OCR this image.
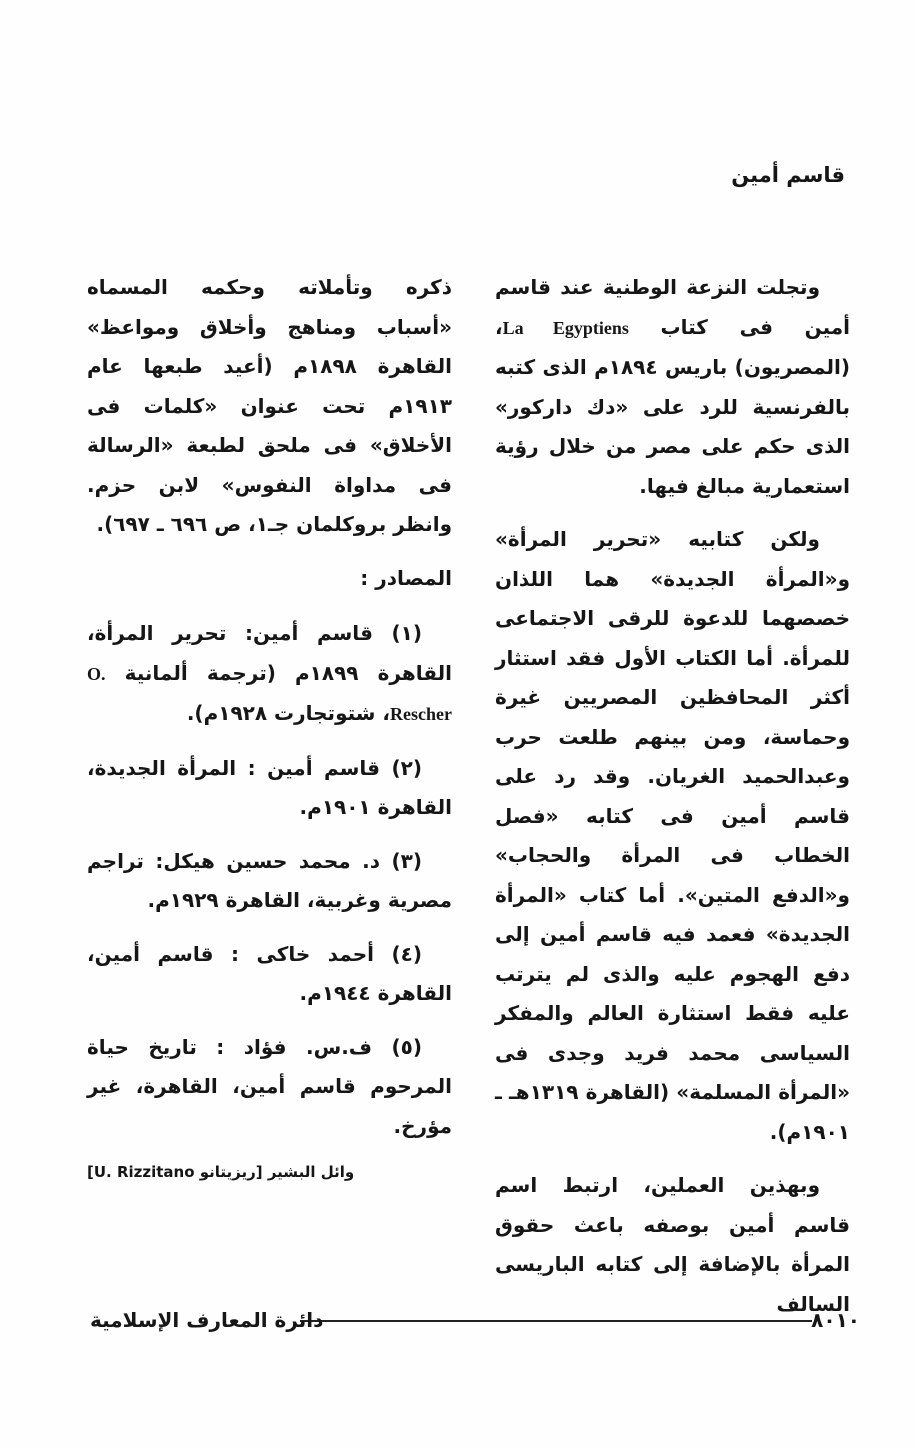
قاسم أمين

وتجلت النزعة الوطنية عند قاسم أمين فى كتاب La Egyptiens، (المصريون) باريس ١٨٩٤م الذى كتبه بالفرنسية للرد على «دك داركور» الذى حكم على مصر من خلال رؤية استعمارية مبالغ فيها.

ولكن كتابيه «تحرير المرأة» و«المرأة الجديدة» هما اللذان خصصهما للدعوة للرقى الاجتماعى للمرأة. أما الكتاب الأول فقد استثار أكثر المحافظين المصريين غيرة وحماسة، ومن بينهم طلعت حرب وعبدالحميد الغريان. وقد رد على قاسم أمين فى كتابه «فصل الخطاب فى المرأة والحجاب» و«الدفع المتين». أما كتاب «المرأة الجديدة» فعمد فيه قاسم أمين إلى دفع الهجوم عليه والذى لم يترتب عليه فقط استثارة العالم والمفكر السياسى محمد فريد وجدى فى «المرأة المسلمة» (القاهرة ١٣١٩هـ ـ ١٩٠١م).

وبهذين العملين، ارتبط اسم قاسم أمين بوصفه باعث حقوق المرأة بالإضافة إلى كتابه الباريسى السالف

ذكره وتأملاته وحكمه المسماه «أسباب ومناهج وأخلاق ومواعظ» القاهرة ١٨٩٨م (أعيد طبعها عام ١٩١٣م تحت عنوان «كلمات فى الأخلاق» فى ملحق لطبعة «الرسالة فى مداواة النفوس» لابن حزم. وانظر بروكلمان جـ١، ص ٦٩٦ ـ ٦٩٧).

المصادر :

(١) قاسم أمين: تحرير المرأة، القاهرة ١٨٩٩م (ترجمة ألمانية O. Rescher، شتوتجارت ١٩٢٨م).

(٢) قاسم أمين : المرأة الجديدة، القاهرة ١٩٠١م.

(٣) د. محمد حسين هيكل: تراجم مصرية وغربية، القاهرة ١٩٢٩م.

(٤) أحمد خاكى : قاسم أمين، القاهرة ١٩٤٤م.

(٥) ف.س. فؤاد : تاريخ حياة المرحوم قاسم أمين، القاهرة، غير مؤرخ.

وائل البشير [ريزيتانو U. Rizzitano]
٨٠١٠
دائرة المعارف الإسلامية
